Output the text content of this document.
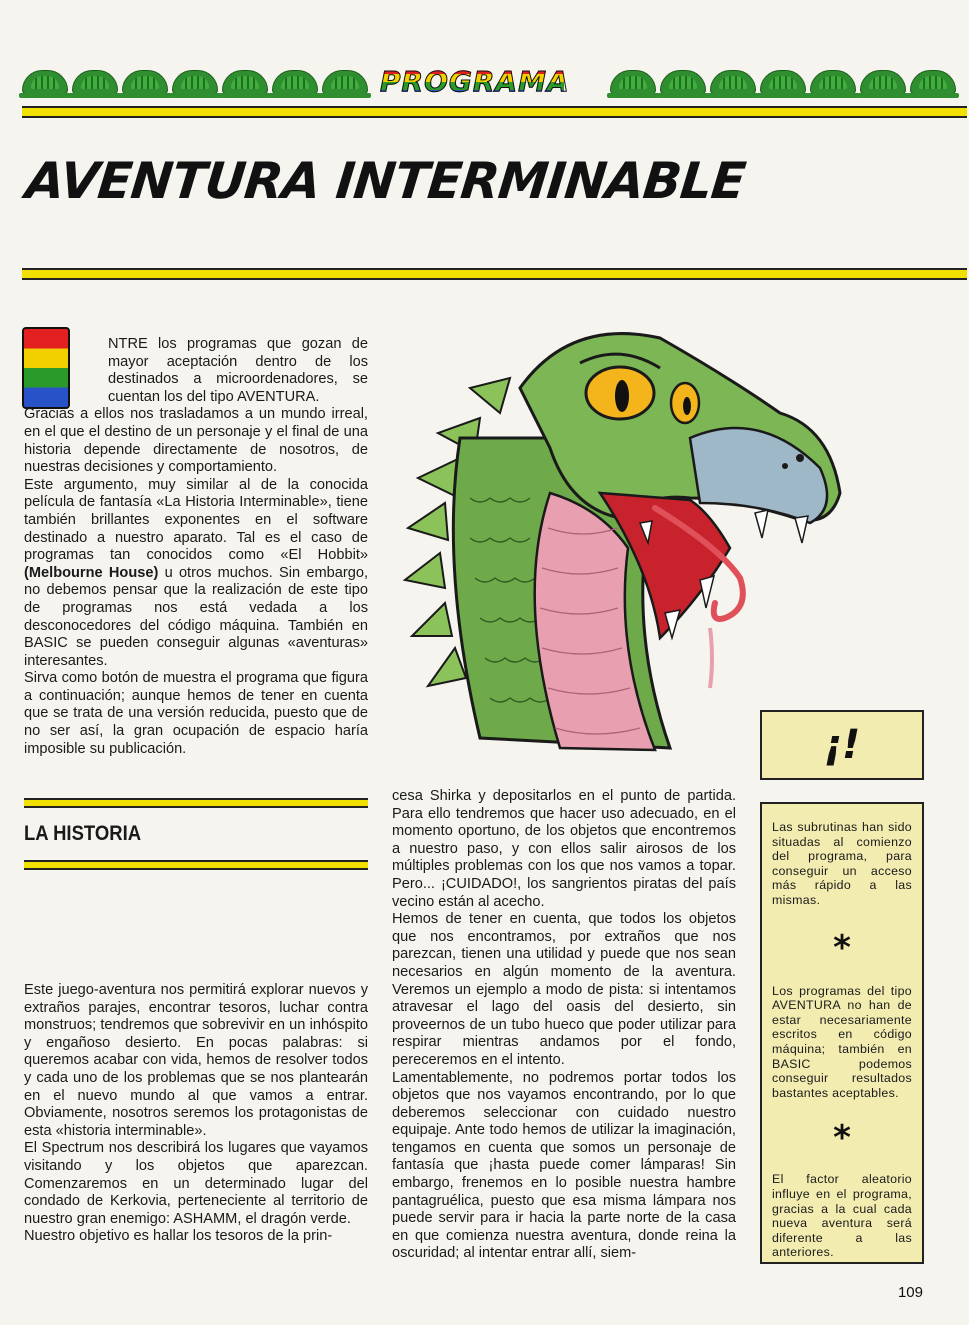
PROGRAMA
AVENTURA INTERMINABLE

NTRE los programas que gozan de mayor aceptación dentro de los destinados a microordenadores, se cuentan los del tipo AVENTURA.

Gracias a ellos nos trasladamos a un mundo irreal, en el que el destino de un personaje y el final de una historia depende directamente de nosotros, de nuestras decisiones y comportamiento.

Este argumento, muy similar al de la conocida película de fantasía «La Historia Interminable», tiene también brillantes exponentes en el software destinado a nuestro aparato. Tal es el caso de programas tan conocidos como «El Hobbit» (Melbourne House) u otros muchos. Sin embargo, no debemos pensar que la realización de este tipo de programas nos está vedada a los desconocedores del código máquina. También en BASIC se pueden conseguir algunas «aventuras» interesantes.

Sirva como botón de muestra el programa que figura a continuación; aunque hemos de tener en cuenta que se trata de una versión reducida, puesto que de no ser así, la gran ocupación de espacio haría imposible su publicación.	¡!
LA HISTORIA

Este juego-aventura nos permitirá explorar nuevos y extraños parajes, encontrar tesoros, luchar contra monstruos; tendremos que sobrevivir en un inhóspito y engañoso desierto. En pocas palabras: si queremos acabar con vida, hemos de resolver todos y cada uno de los problemas que se nos plantearán en el nuevo mundo al que vamos a entrar. Obviamente, nosotros seremos los protagonistas de esta «historia interminable».

El Spectrum nos describirá los lugares que vayamos visitando y los objetos que aparezcan. Comenzaremos en un determinado lugar del condado de Kerkovia, perteneciente al territorio de nuestro gran enemigo: ASHAMM, el dragón verde.

Nuestro objetivo es hallar los tesoros de la prin-

cesa Shirka y depositarlos en el punto de partida. Para ello tendremos que hacer uso adecuado, en el momento oportuno, de los objetos que encontremos a nuestro paso, y con ellos salir airosos de los múltiples problemas con los que nos vamos a topar. Pero... ¡CUIDADO!, los sangrientos piratas del país vecino están al acecho.

Hemos de tener en cuenta, que todos los objetos que nos encontramos, por extraños que nos parezcan, tienen una utilidad y puede que nos sean necesarios en algún momento de la aventura. Veremos un ejemplo a modo de pista: si intentamos atravesar el lago del oasis del desierto, sin proveernos de un tubo hueco que poder utilizar para respirar mientras andamos por el fondo, pereceremos en el intento.

Lamentablemente, no podremos portar todos los objetos que nos vayamos encontrando, por lo que deberemos seleccionar con cuidado nuestro equipaje. Ante todo hemos de utilizar la imaginación, tengamos en cuenta que somos un personaje de fantasía que ¡hasta puede comer lámparas! Sin embargo, frenemos en lo posible nuestra hambre pantagruélica, puesto que esa misma lámpara nos puede servir para ir hacia la parte norte de la casa en que comienza nuestra aventura, donde reina la oscuridad; al intentar entrar allí, siem-

Las subrutinas han sido situadas al comienzo del programa, para conseguir un acceso más rápido a las mismas.

*

Los programas del tipo AVENTURA no han de estar necesariamente escritos en código máquina; también en BASIC podemos conseguir resultados bastantes aceptables.

*

El factor aleatorio influye en el programa, gracias a la cual cada nueva aventura será diferente a las anteriores.

109
